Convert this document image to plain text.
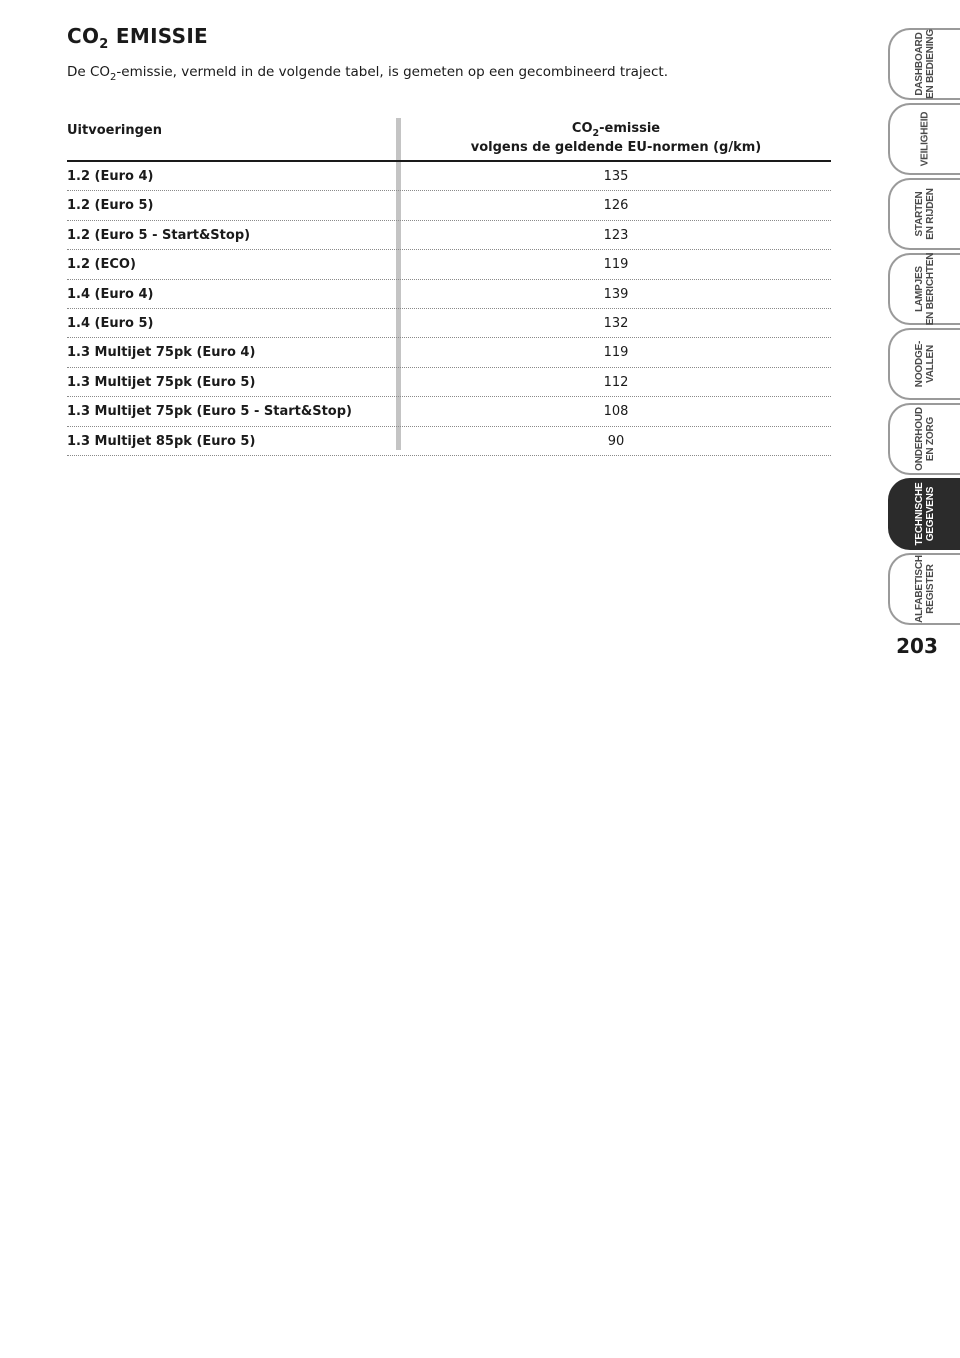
$CO_2$ EMISSIE
De $CO_2$-emissie, vermeld in de volgende tabel, is gemeten op een gecombineerd traject.
Uitvoeringen	$CO_2$-emissie
volgens de geldende EU-normen (g/km)
1.2 (Euro 4)	135
1.2 (Euro 5)	126
1.2 (Euro 5 - Start&Stop)	123
1.2 (ECO)	119
1.4 (Euro 4)	139
1.4 (Euro 5)	132
1.3 Multijet 75pk (Euro 4)	119
1.3 Multijet 75pk (Euro 5)	112
1.3 Multijet 75pk (Euro 5 - Start&Stop)	108
1.3 Multijet 85pk (Euro 5)	90
DASHBOARD EN BEDIENING
VEILIGHEID
STARTEN EN RIJDEN
LAMPJES EN BERICHTEN
NOODGE- VALLEN
ONDERHOUD EN ZORG
TECHNISCHE GEGEVENS
ALFABETISCH REGISTER
203
